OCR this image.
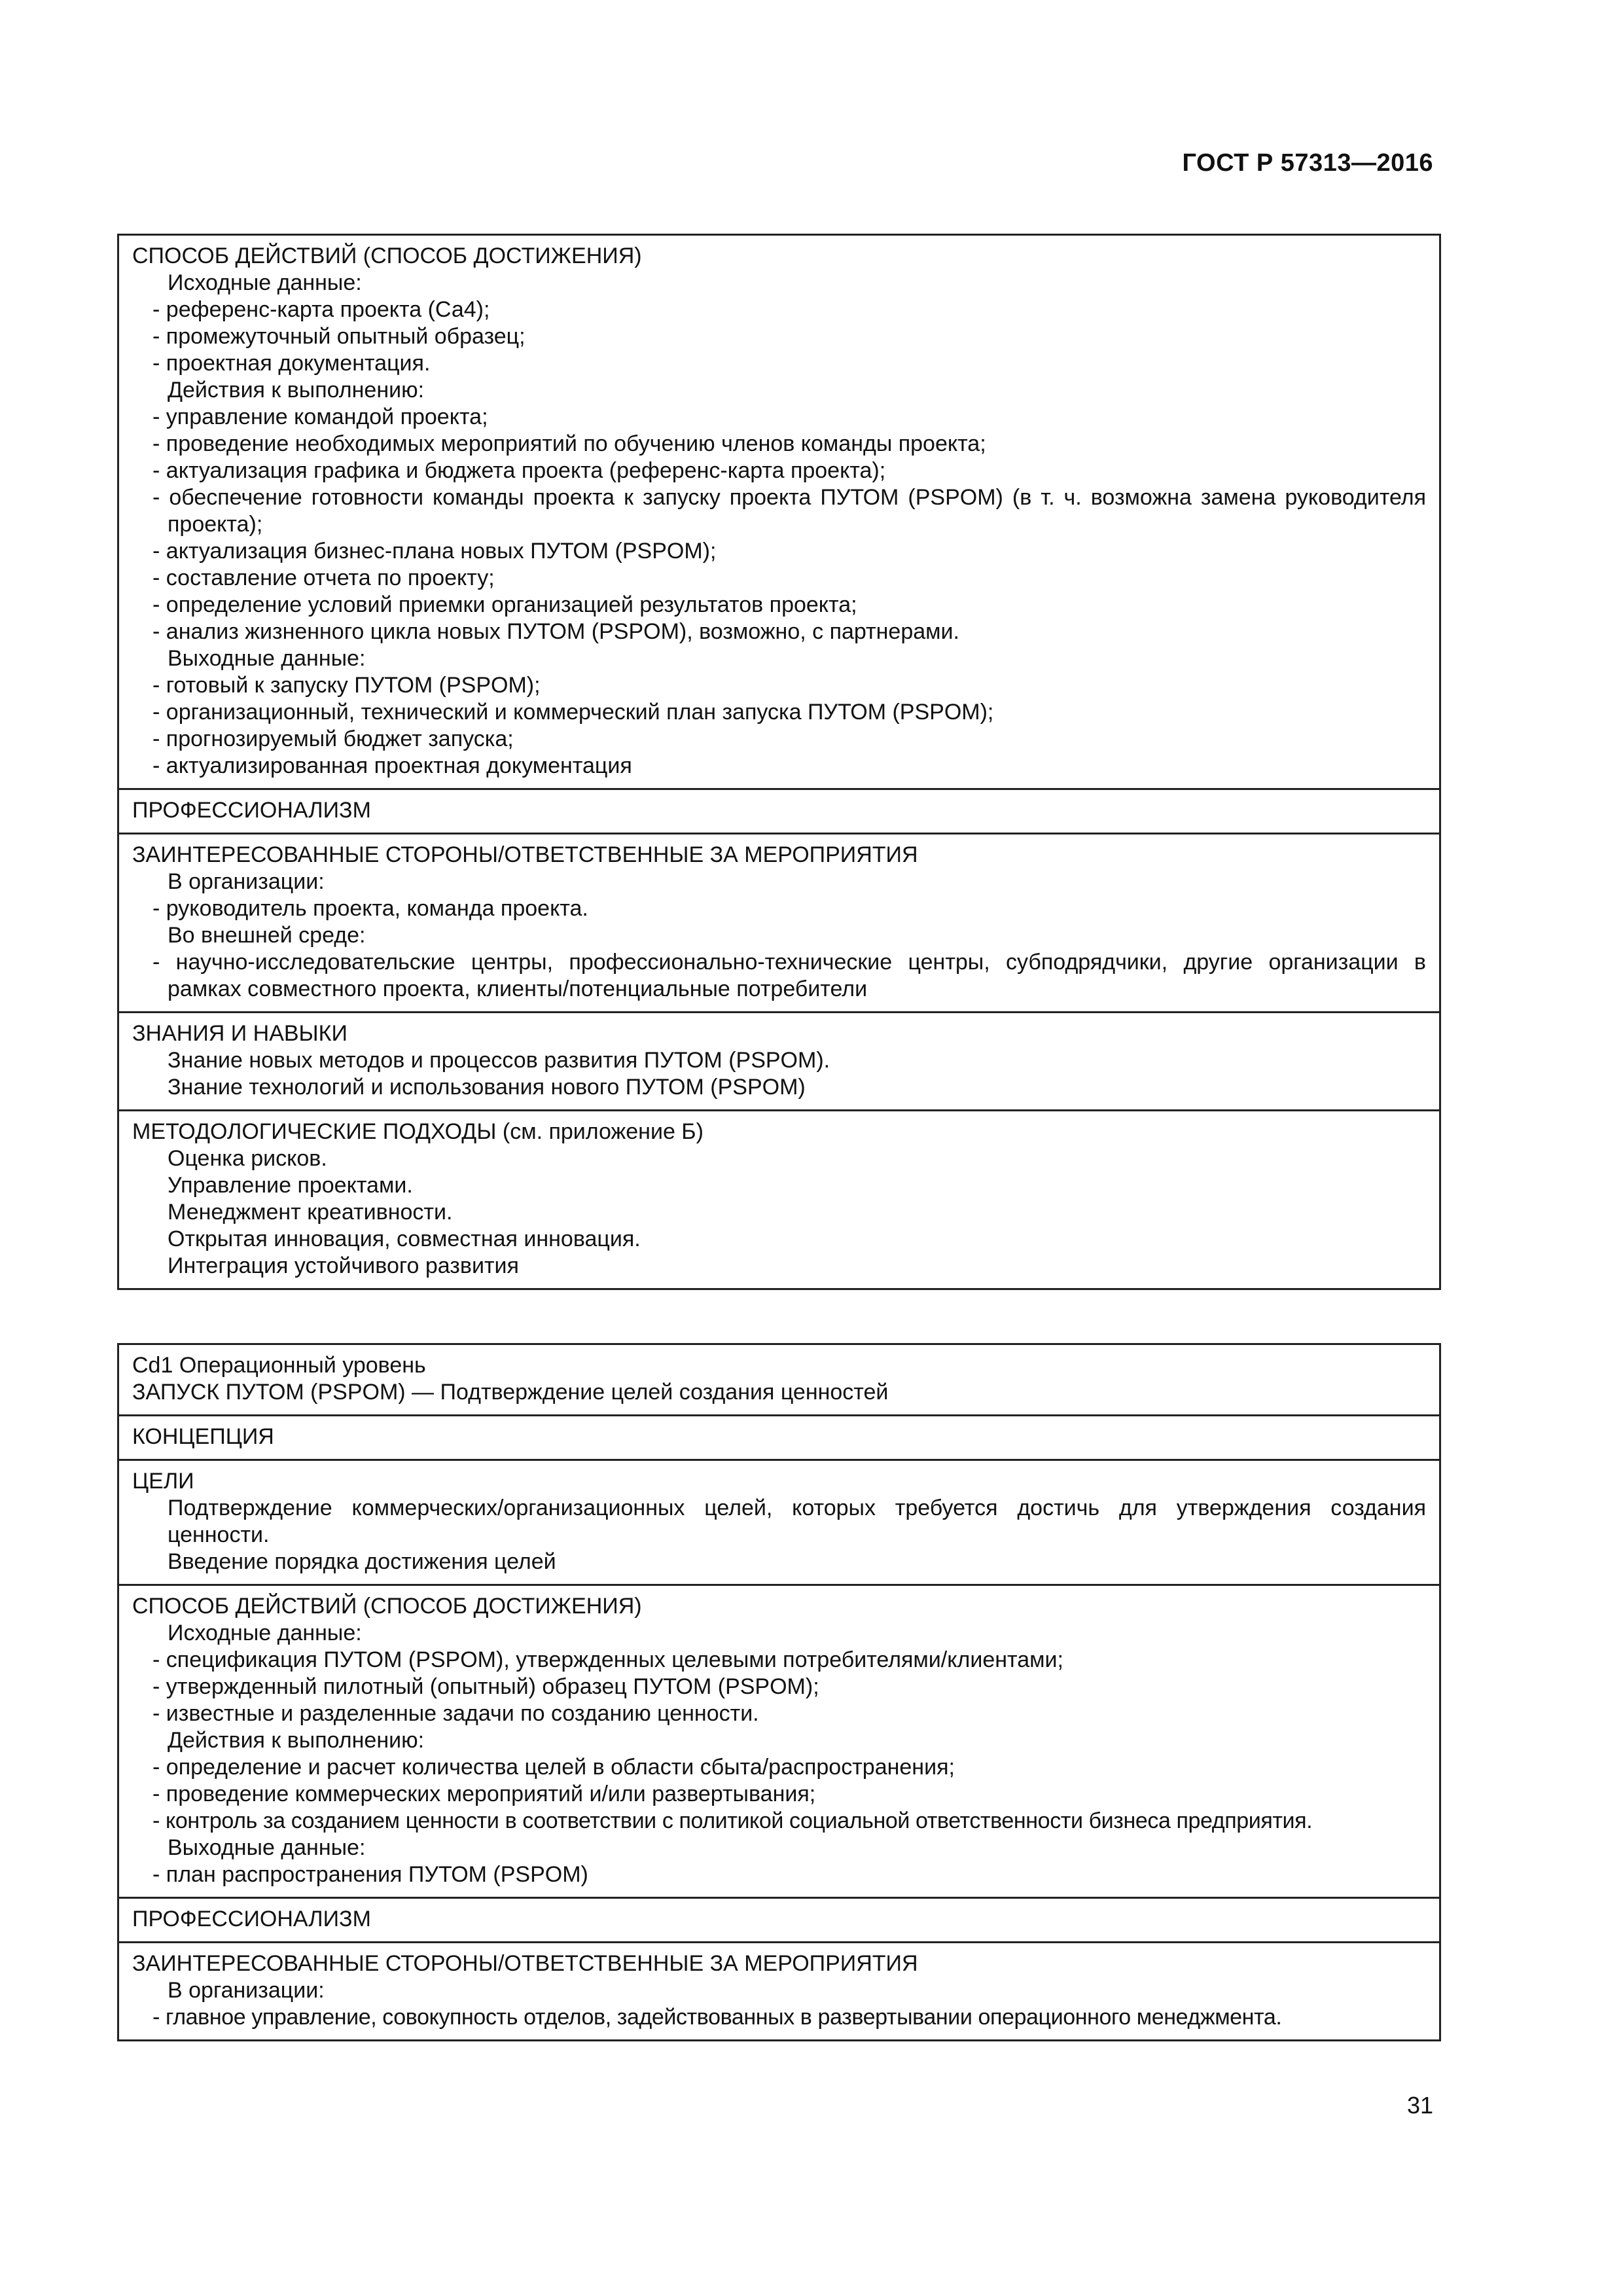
ГОСТ Р 57313—2016
СПОСОБ ДЕЙСТВИЙ (СПОСОБ ДОСТИЖЕНИЯ)
Исходные данные:
- референс-карта проекта (Са4);
- промежуточный опытный образец;
- проектная документация.
Действия к выполнению:
- управление командой проекта;
- проведение необходимых мероприятий по обучению членов команды проекта;
- актуализация графика и бюджета проекта (референс-карта проекта);
- обеспечение готовности команды проекта к запуску проекта ПУТОМ (PSPOM) (в т. ч. возможна замена руководителя проекта);
- актуализация бизнес-плана новых ПУТОМ (PSPOM);
- составление отчета по проекту;
- определение условий приемки организацией результатов проекта;
- анализ жизненного цикла новых ПУТОМ (PSPOM), возможно, с партнерами.
Выходные данные:
- готовый к запуску ПУТОМ (PSPOM);
- организационный, технический и коммерческий план запуска ПУТОМ (PSPOM);
- прогнозируемый бюджет запуска;
- актуализированная проектная документация
ПРОФЕССИОНАЛИЗМ
ЗАИНТЕРЕСОВАННЫЕ СТОРОНЫ/ОТВЕТСТВЕННЫЕ ЗА МЕРОПРИЯТИЯ
В организации:
- руководитель проекта, команда проекта.
Во внешней среде:
- научно-исследовательские центры, профессионально-технические центры, субподрядчики, другие организации в рамках совместного проекта, клиенты/потенциальные потребители
ЗНАНИЯ И НАВЫКИ
Знание новых методов и процессов развития ПУТОМ (PSPOM).
Знание технологий и использования нового ПУТОМ (PSPOM)
МЕТОДОЛОГИЧЕСКИЕ ПОДХОДЫ (см. приложение Б)
Оценка рисков.
Управление проектами.
Менеджмент креативности.
Открытая инновация, совместная инновация.
Интеграция устойчивого развития
Cd1 Операционный уровень
ЗАПУСК ПУТОМ (PSPOM) — Подтверждение целей создания ценностей
КОНЦЕПЦИЯ
ЦЕЛИ
Подтверждение коммерческих/организационных целей, которых требуется достичь для утверждения создания ценности.
Введение порядка достижения целей
СПОСОБ ДЕЙСТВИЙ (СПОСОБ ДОСТИЖЕНИЯ)
Исходные данные:
- спецификация ПУТОМ (PSPOM), утвержденных целевыми потребителями/клиентами;
- утвержденный пилотный (опытный) образец ПУТОМ (PSPOM);
- известные и разделенные задачи по созданию ценности.
Действия к выполнению:
- определение и расчет количества целей в области сбыта/распространения;
- проведение коммерческих мероприятий и/или развертывания;
- контроль за созданием ценности в соответствии с политикой социальной ответственности бизнеса предприятия.
Выходные данные:
- план распространения ПУТОМ (PSPOM)
ПРОФЕССИОНАЛИЗМ
ЗАИНТЕРЕСОВАННЫЕ СТОРОНЫ/ОТВЕТСТВЕННЫЕ ЗА МЕРОПРИЯТИЯ
В организации:
- главное управление, совокупность отделов, задействованных в развертывании операционного менеджмента.
31
